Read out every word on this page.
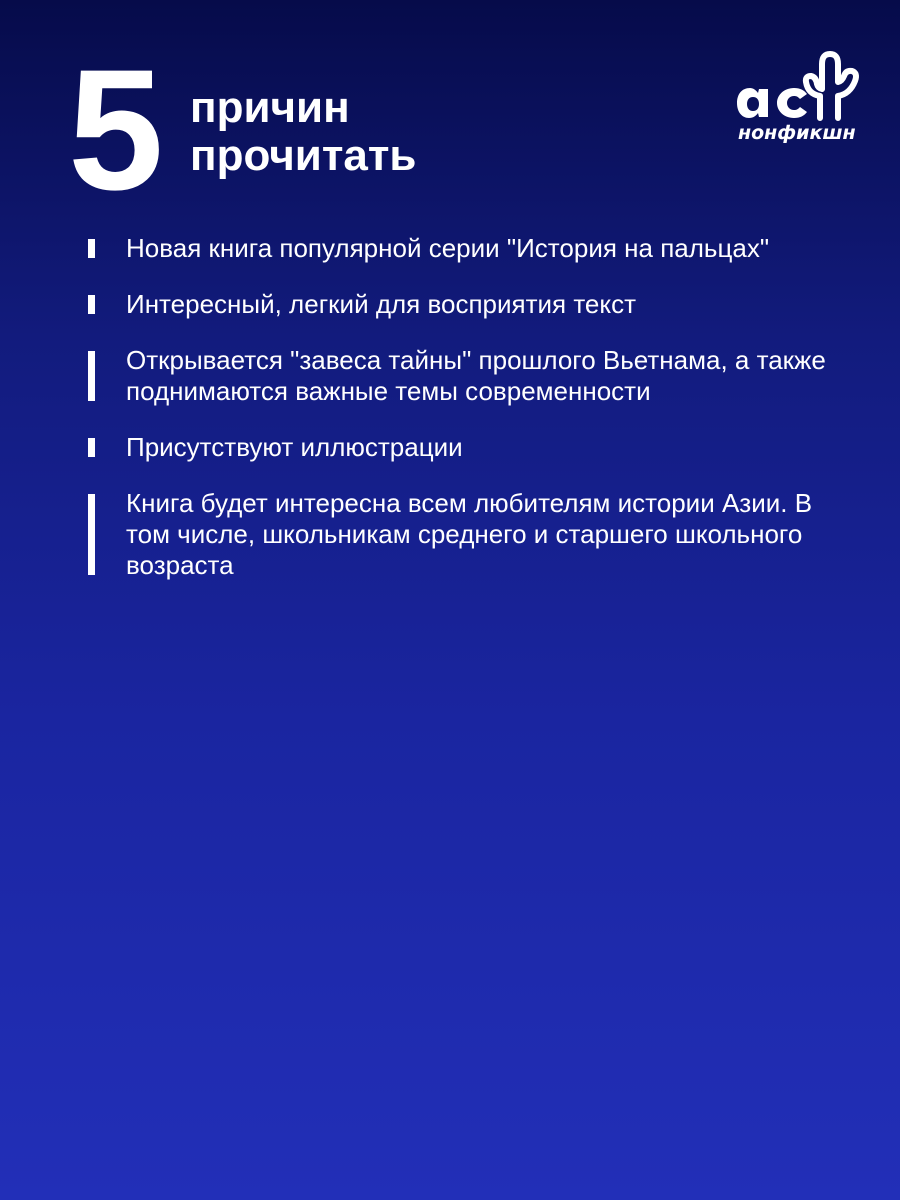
5 причин
прочитать	нонфикшн
Новая книга популярной серии "История на пальцах"
Интересный, легкий для восприятия текст
Открывается "завеса тайны" прошлого Вьетнама, а также поднимаются важные темы современности
Присутствуют иллюстрации
Книга будет интересна всем любителям истории Азии. В том числе, школьникам среднего и старшего школьного возраста
